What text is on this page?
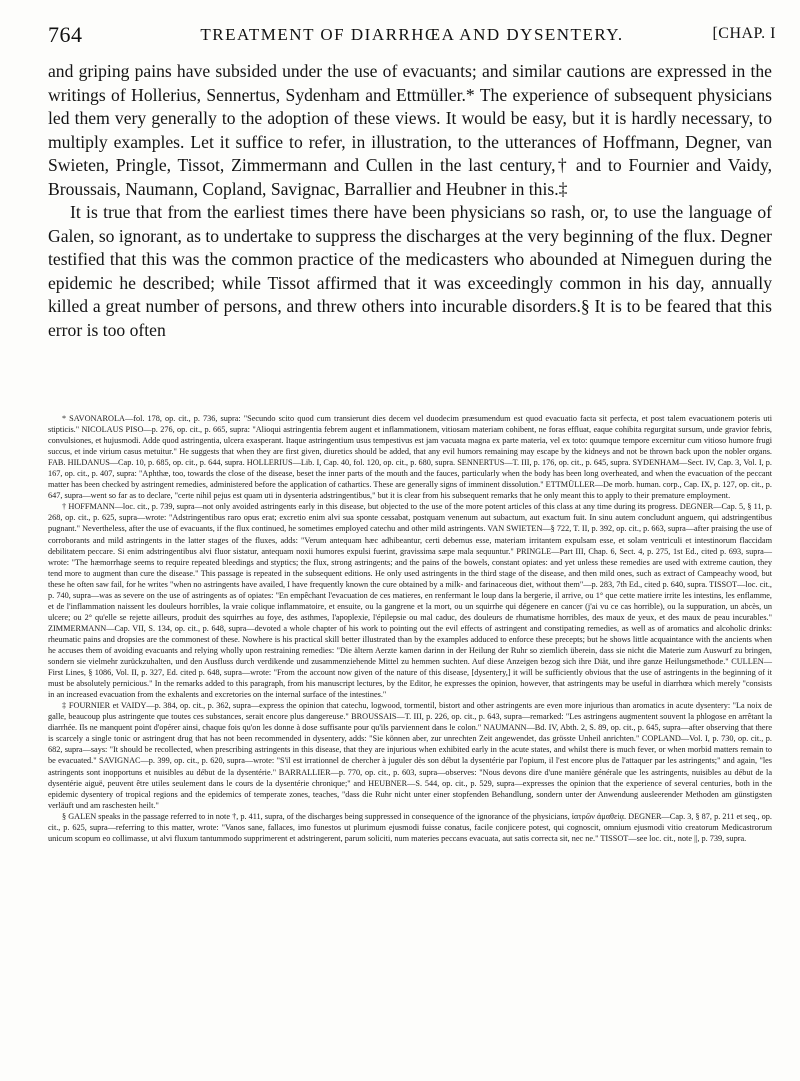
764	TREATMENT OF DIARRHŒA AND DYSENTERY.	[CHAP. I

and griping pains have subsided under the use of evacuants; and similar cautions are expressed in the writings of Hollerius, Sennertus, Sydenham and Ettmüller.* The experience of subsequent physicians led them very generally to the adoption of these views. It would be easy, but it is hardly necessary, to multiply examples. Let it suffice to refer, in illustration, to the utterances of Hoffmann, Degner, van Swieten, Pringle, Tissot, Zimmermann and Cullen in the last century,† and to Fournier and Vaidy, Broussais, Naumann, Copland, Savignac, Barrallier and Heubner in this.‡

It is true that from the earliest times there have been physicians so rash, or, to use the language of Galen, so ignorant, as to undertake to suppress the discharges at the very beginning of the flux. Degner testified that this was the common practice of the medicasters who abounded at Nimeguen during the epidemic he described; while Tissot affirmed that it was exceedingly common in his day, annually killed a great number of persons, and threw others into incurable disorders.§ It is to be feared that this error is too often

* SAVONAROLA—fol. 178, op. cit., p. 736, supra: "Secundo scito quod cum transierunt dies decem vel duodecim præsumendum est quod evacuatio facta sit perfecta, et post talem evacuationem poteris uti stipticis." NICOLAUS PISO—p. 276, op. cit., p. 665, supra: "Alioqui astringentia febrem augent et inflammationem, vitiosam materiam cohibent, ne foras effluat, eaque cohibita regurgitat sursum, unde gravior febris, convulsiones, et hujusmodi. Adde quod astringentia, ulcera exasperant. Itaque astringentium usus tempestivus est jam vacuata magna ex parte materia, vel ex toto: quumque tempore excernitur cum vitioso humore frugi succus, et inde virium casus metuitur." He suggests that when they are first given, diuretics should be added, that any evil humors remaining may escape by the kidneys and not be thrown back upon the nobler organs. FAB. HILDANUS—Cap. 10, p. 685, op. cit., p. 644, supra. HOLLERIUS—Lib. I, Cap. 40, fol. 120, op. cit., p. 680, supra. SENNERTUS—T. III, p. 176, op. cit., p. 645, supra. SYDENHAM—Sect. IV, Cap. 3, Vol. I, p. 167, op. cit., p. 407, supra: "Aphthæ, too, towards the close of the disease, beset the inner parts of the mouth and the fauces, particularly when the body has been long overheated, and when the evacuation of the peccant matter has been checked by astringent remedies, administered before the application of cathartics. These are generally signs of imminent dissolution." ETTMÜLLER—De morb. human. corp., Cap. IX, p. 127, op. cit., p. 647, supra—went so far as to declare, "certe nihil pejus est quam uti in dysenteria adstringentibus," but it is clear from his subsequent remarks that he only meant this to apply to their premature employment.

† HOFFMANN—loc. cit., p. 739, supra—not only avoided astringents early in this disease, but objected to the use of the more potent articles of this class at any time during its progress. DEGNER—Cap. 5, § 11, p. 268, op. cit., p. 625, supra—wrote: "Adstringentibus raro opus erat; excretio enim alvi sua sponte cessabat, postquam venenum aut subactum, aut exactum fuit. In sinu autem concludunt anguem, qui adstringentibus pugnant." Nevertheless, after the use of evacuants, if the flux continued, he sometimes employed catechu and other mild astringents. VAN SWIETEN—§ 722, T. II, p. 392, op. cit., p. 663, supra—after praising the use of corroborants and mild astringents in the latter stages of the fluxes, adds: "Verum antequam hæc adhibeantur, certi debemus esse, materiam irritantem expulsam esse, et solam ventriculi et intestinorum flaccidam debilitatem peccare. Si enim adstringentibus alvi fluor sistatur, antequam noxii humores expulsi fuerint, gravissima sæpe mala sequuntur." PRINGLE—Part III, Chap. 6, Sect. 4, p. 275, 1st Ed., cited p. 693, supra—wrote: "The hæmorrhage seems to require repeated bleedings and styptics; the flux, strong astringents; and the pains of the bowels, constant opiates: and yet unless these remedies are used with extreme caution, they tend more to augment than cure the disease." This passage is repeated in the subsequent editions. He only used astringents in the third stage of the disease, and then mild ones, such as extract of Campeachy wood, but these he often saw fail, for he writes "when no astringents have availed, I have frequently known the cure obtained by a milk- and farinaceous diet, without them"—p. 283, 7th Ed., cited p. 640, supra. TISSOT—loc. cit., p. 740, supra—was as severe on the use of astringents as of opiates: "En empêchant l'evacuation de ces matieres, en renfermant le loup dans la bergerie, il arrive, ou 1° que cette matiere irrite les intestins, les enflamme, et de l'inflammation naissent les douleurs horribles, la vraie colique inflammatoire, et ensuite, ou la gangrene et la mort, ou un squirrhe qui dégenere en cancer (j'ai vu ce cas horrible), ou la suppuration, un abcès, un ulcere; ou 2° qu'elle se rejette ailleurs, produit des squirrhes au foye, des asthmes, l'apoplexie, l'épilepsie ou mal caduc, des douleurs de rhumatisme horribles, des maux de yeux, et des maux de peau incurables." ZIMMERMANN—Cap. VII, S. 134, op. cit., p. 648, supra—devoted a whole chapter of his work to pointing out the evil effects of astringent and constipating remedies, as well as of aromatics and alcoholic drinks: rheumatic pains and dropsies are the commonest of these. Nowhere is his practical skill better illustrated than by the examples adduced to enforce these precepts; but he shows little acquaintance with the ancients when he accuses them of avoiding evacuants and relying wholly upon restraining remedies: "Die ältern Aerzte kamen darinn in der Heilung der Ruhr so ziemlich überein, dass sie nicht die Materie zum Auswurf zu bringen, sondern sie vielmehr zurückzuhalten, und den Ausfluss durch verdikende und zusammenziehende Mittel zu hemmen suchten. Auf diese Anzeigen bezog sich ihre Diät, und ihre ganze Heilungsmethode." CULLEN—First Lines, § 1086, Vol. II, p. 327, Ed. cited p. 648, supra—wrote: "From the account now given of the nature of this disease, [dysentery,] it will be sufficiently obvious that the use of astringents in the beginning of it must be absolutely pernicious." In the remarks added to this paragraph, from his manuscript lectures, by the Editor, he expresses the opinion, however, that astringents may be useful in diarrhœa which merely "consists in an increased evacuation from the exhalents and excretories on the internal surface of the intestines."

‡ FOURNIER et VAIDY—p. 384, op. cit., p. 362, supra—express the opinion that catechu, logwood, tormentil, bistort and other astringents are even more injurious than aromatics in acute dysentery: "La noix de galle, beaucoup plus astringente que toutes ces substances, serait encore plus dangereuse." BROUSSAIS—T. III, p. 226, op. cit., p. 643, supra—remarked: "Les astringens augmentent souvent la phlogose en arrêtant la diarrhée. Ils ne manquent point d'opérer ainsi, chaque fois qu'on les donne à dose suffisante pour qu'ils parviennent dans le colon." NAUMANN—Bd. IV, Abth. 2, S. 89, op. cit., p. 645, supra—after observing that there is scarcely a single tonic or astringent drug that has not been recommended in dysentery, adds: "Sie können aber, zur unrechten Zeit angewendet, das grösste Unheil anrichten." COPLAND—Vol. I, p. 730, op. cit., p. 682, supra—says: "It should be recollected, when prescribing astringents in this disease, that they are injurious when exhibited early in the acute states, and whilst there is much fever, or when morbid matters remain to be evacuated." SAVIGNAC—p. 399, op. cit., p. 620, supra—wrote: "S'il est irrationnel de chercher à juguler dès son début la dysentérie par l'opium, il l'est encore plus de l'attaquer par les astringents;" and again, "les astringents sont inopportuns et nuisibles au début de la dysentérie." BARRALLIER—p. 770, op. cit., p. 603, supra—observes: "Nous devons dire d'une manière générale que les astringents, nuisibles au début de la dysentérie aiguë, peuvent être utiles seulement dans le cours de la dysentérie chronique;" and HEUBNER—S. 544, op. cit., p. 529, supra—expresses the opinion that the experience of several centuries, both in the epidemic dysentery of tropical regions and the epidemics of temperate zones, teaches, "dass die Ruhr nicht unter einer stopfenden Behandlung, sondern unter der Anwendung ausleerender Methoden am günstigsten verläuft und am raschesten heilt."

§ GALEN speaks in the passage referred to in note †, p. 411, supra, of the discharges being suppressed in consequence of the ignorance of the physicians, ἰατρῶν ἀμαθείᾳ. DEGNER—Cap. 3, § 87, p. 211 et seq., op. cit., p. 625, supra—referring to this matter, wrote: "Vanos sane, fallaces, imo funestos ut plurimum ejusmodi fuisse conatus, facile conjicere potest, qui cognoscit, omnium ejusmodi vitio creatorum Medicastrorum unicum scopum eo collimasse, ut alvi fluxum tantummodo supprimerent et adstringerent, parum soliciti, num materies peccans evacuata, aut satis correcta sit, nec ne." TISSOT—see loc. cit., note ||, p. 739, supra.
